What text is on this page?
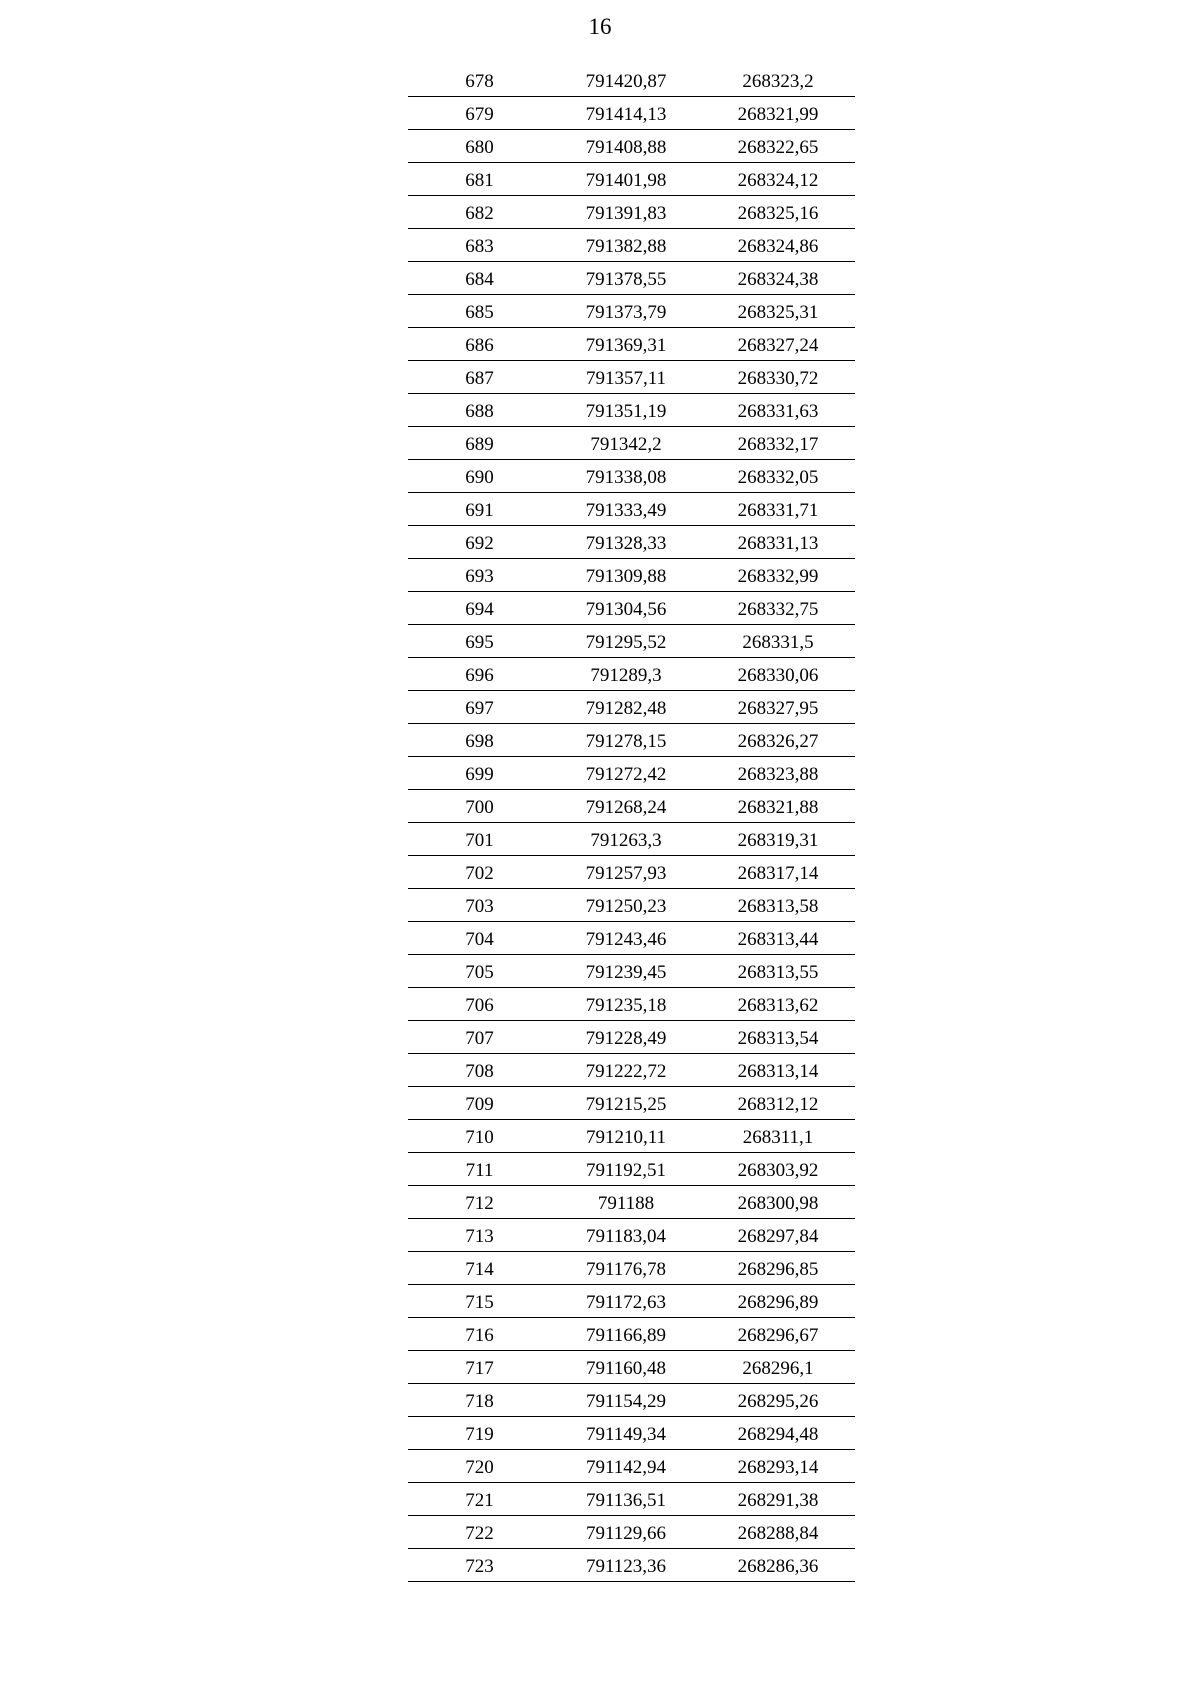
16
678	791420,87	268323,2
679	791414,13	268321,99
680	791408,88	268322,65
681	791401,98	268324,12
682	791391,83	268325,16
683	791382,88	268324,86
684	791378,55	268324,38
685	791373,79	268325,31
686	791369,31	268327,24
687	791357,11	268330,72
688	791351,19	268331,63
689	791342,2	268332,17
690	791338,08	268332,05
691	791333,49	268331,71
692	791328,33	268331,13
693	791309,88	268332,99
694	791304,56	268332,75
695	791295,52	268331,5
696	791289,3	268330,06
697	791282,48	268327,95
698	791278,15	268326,27
699	791272,42	268323,88
700	791268,24	268321,88
701	791263,3	268319,31
702	791257,93	268317,14
703	791250,23	268313,58
704	791243,46	268313,44
705	791239,45	268313,55
706	791235,18	268313,62
707	791228,49	268313,54
708	791222,72	268313,14
709	791215,25	268312,12
710	791210,11	268311,1
711	791192,51	268303,92
712	791188	268300,98
713	791183,04	268297,84
714	791176,78	268296,85
715	791172,63	268296,89
716	791166,89	268296,67
717	791160,48	268296,1
718	791154,29	268295,26
719	791149,34	268294,48
720	791142,94	268293,14
721	791136,51	268291,38
722	791129,66	268288,84
723	791123,36	268286,36
